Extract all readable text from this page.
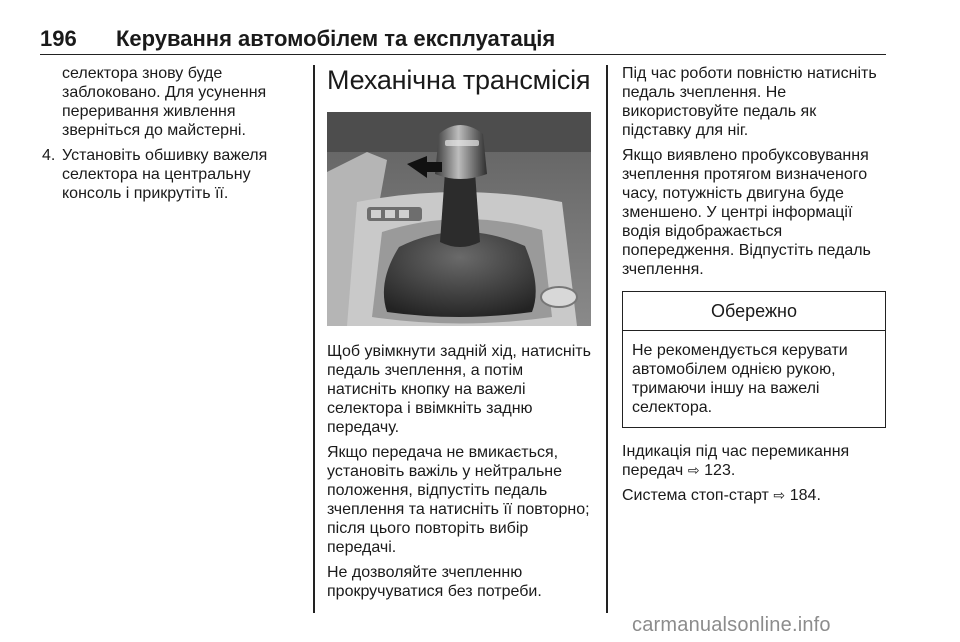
196 Керування автомобілем та експлуатація

селектора знову буде
заблоковано. Для усунення
переривання живлення
зверніться до майстерні.

4. Установіть обшивку важеля
селектора на центральну
консоль і прикрутіть її.
Механічна трансмісія

Щоб увімкнути задній хід, натисніть
педаль зчеплення, а потім
натисніть кнопку на важелі
селектора і ввімкніть задню
передачу.

Якщо передача не вмикається,
установіть важіль у нейтральне
положення, відпустіть педаль
зчеплення та натисніть її повторно;
після цього повторіть вибір
передачі.

Не дозволяйте зчепленню
прокручуватися без потреби.

Під час роботи повністю натисніть
педаль зчеплення. Не
використовуйте педаль як
підставку для ніг.

Якщо виявлено пробуксовування
зчеплення протягом визначеного
часу, потужність двигуна буде
зменшено. У центрі інформації
водія відображається
попередження. Відпустіть педаль
зчеплення.

Обережно
Не рекомендується керувати
автомобілем однією рукою,
тримаючи іншу на важелі
селектора.

Індикація під час перемикання
передач ⇨ 123.

Система стоп-старт ⇨ 184.

carmanualsonline.info
